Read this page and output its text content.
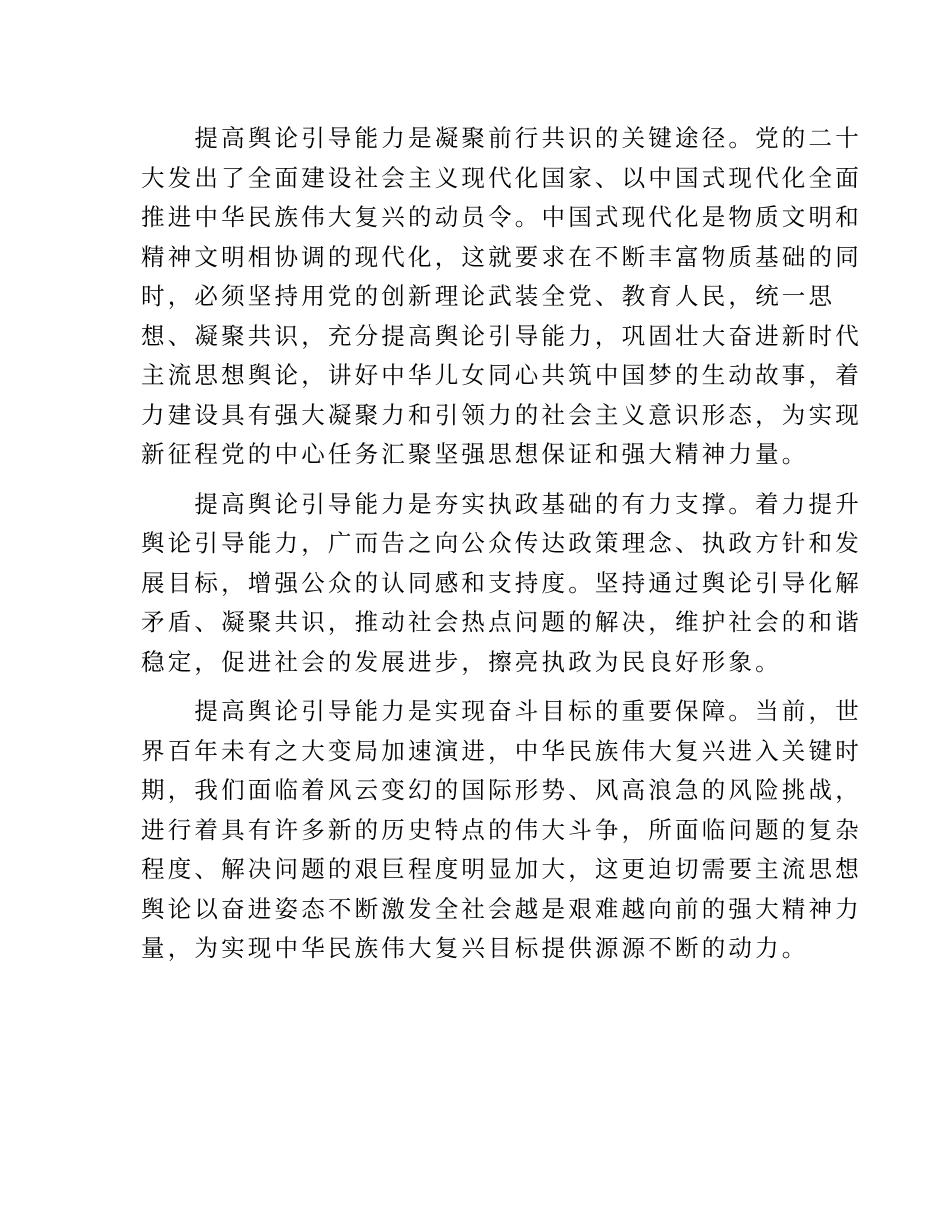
　　提高舆论引导能力是凝聚前行共识的关键途径。党的二十
大发出了全面建设社会主义现代化国家、以中国式现代化全面
推进中华民族伟大复兴的动员令。中国式现代化是物质文明和
精神文明相协调的现代化，这就要求在不断丰富物质基础的同
时，必须坚持用党的创新理论武装全党、教育人民，统一思
想、凝聚共识，充分提高舆论引导能力，巩固壮大奋进新时代
主流思想舆论，讲好中华儿女同心共筑中国梦的生动故事，着
力建设具有强大凝聚力和引领力的社会主义意识形态，为实现
新征程党的中心任务汇聚坚强思想保证和强大精神力量。

　　提高舆论引导能力是夯实执政基础的有力支撑。着力提升
舆论引导能力，广而告之向公众传达政策理念、执政方针和发
展目标，增强公众的认同感和支持度。坚持通过舆论引导化解
矛盾、凝聚共识，推动社会热点问题的解决，维护社会的和谐
稳定，促进社会的发展进步，擦亮执政为民良好形象。

　　提高舆论引导能力是实现奋斗目标的重要保障。当前，世
界百年未有之大变局加速演进，中华民族伟大复兴进入关键时
期，我们面临着风云变幻的国际形势、风高浪急的风险挑战，
进行着具有许多新的历史特点的伟大斗争，所面临问题的复杂
程度、解决问题的艰巨程度明显加大，这更迫切需要主流思想
舆论以奋进姿态不断激发全社会越是艰难越向前的强大精神力
量，为实现中华民族伟大复兴目标提供源源不断的动力。
